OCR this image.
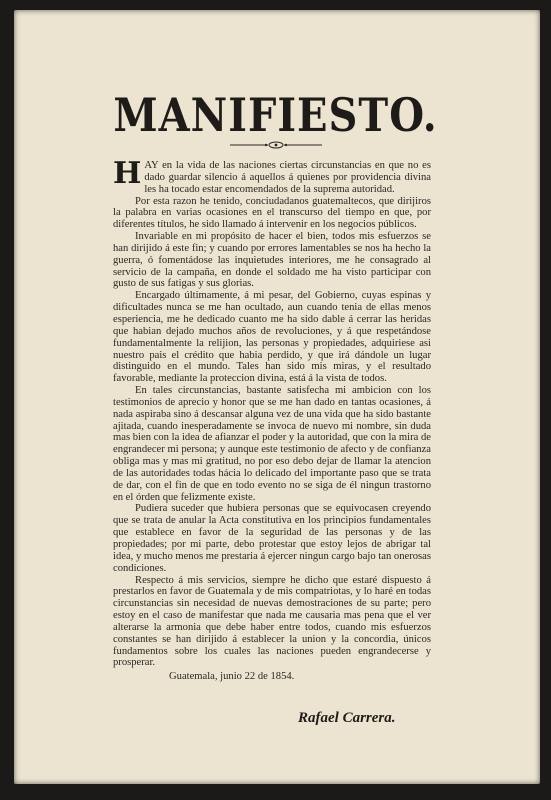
MANIFIESTO.

HAY en la vida de las naciones ciertas circunstancias en que no es dado guardar silencio á aquellos á quienes por providencia divina les ha tocado estar encomendados de la suprema autoridad.

Por esta razon he tenido, conciudadanos guatemaltecos, que dirijiros la palabra en varias ocasiones en el transcurso del tiempo en que, por diferentes títulos, he sido llamado á intervenir en los negocios públicos.

Invariable en mi propósito de hacer el bien, todos mis esfuerzos se han dirijido á este fin; y cuando por errores lamentables se nos ha hecho la guerra, ó fomentádose las inquietudes interiores, me he consagrado al servicio de la campaña, en donde el soldado me ha visto participar con gusto de sus fatigas y sus glorias.

Encargado últimamente, á mi pesar, del Gobierno, cuyas espinas y dificultades nunca se me han ocultado, aun cuando tenia de ellas menos esperiencia, me he dedicado cuanto me ha sido dable á cerrar las heridas que habian dejado muchos años de revoluciones, y á que respetándose fundamentalmente la relijion, las personas y propiedades, adquiriese asi nuestro pais el crédito que habia perdido, y que irá dándole un lugar distinguido en el mundo. Tales han sido mis miras, y el resultado favorable, mediante la proteccion divina, está á la vista de todos.

En tales circunstancias, bastante satisfecha mi ambicion con los testimonios de aprecio y honor que se me han dado en tantas ocasiones, á nada aspiraba sino á descansar alguna vez de una vida que ha sido bastante ajitada, cuando inesperadamente se invoca de nuevo mi nombre, sin duda mas bien con la idea de afianzar el poder y la autoridad, que con la mira de engrandecer mi persona; y aunque este testimonio de afecto y de confianza obliga mas y mas mi gratitud, no por eso debo dejar de llamar la atencion de las autoridades todas hácia lo delicado del importante paso que se trata de dar, con el fin de que en todo evento no se siga de él ningun trastorno en el órden que felizmente existe.

Pudiera suceder que hubiera personas que se equivocasen creyendo que se trata de anular la Acta constitutiva en los principios fundamentales que establece en favor de la seguridad de las personas y de las propiedades; por mi parte, debo protestar que estoy lejos de abrigar tal idea, y mucho menos me prestaria á ejercer ningun cargo bajo tan onerosas condiciones.

Respecto á mis servicios, siempre he dicho que estaré dispuesto á prestarlos en favor de Guatemala y de mis compatriotas, y lo haré en todas circunstancias sin necesidad de nuevas demostraciones de su parte; pero estoy en el caso de manifestar que nada me causaria mas pena que el ver alterarse la armonia que debe haber entre todos, cuando mis esfuerzos constantes se han dirijido á establecer la union y la concordia, únicos fundamentos sobre los cuales las naciones pueden engrandecerse y prosperar.

Guatemala, junio 22 de 1854.

Rafael Carrera.
